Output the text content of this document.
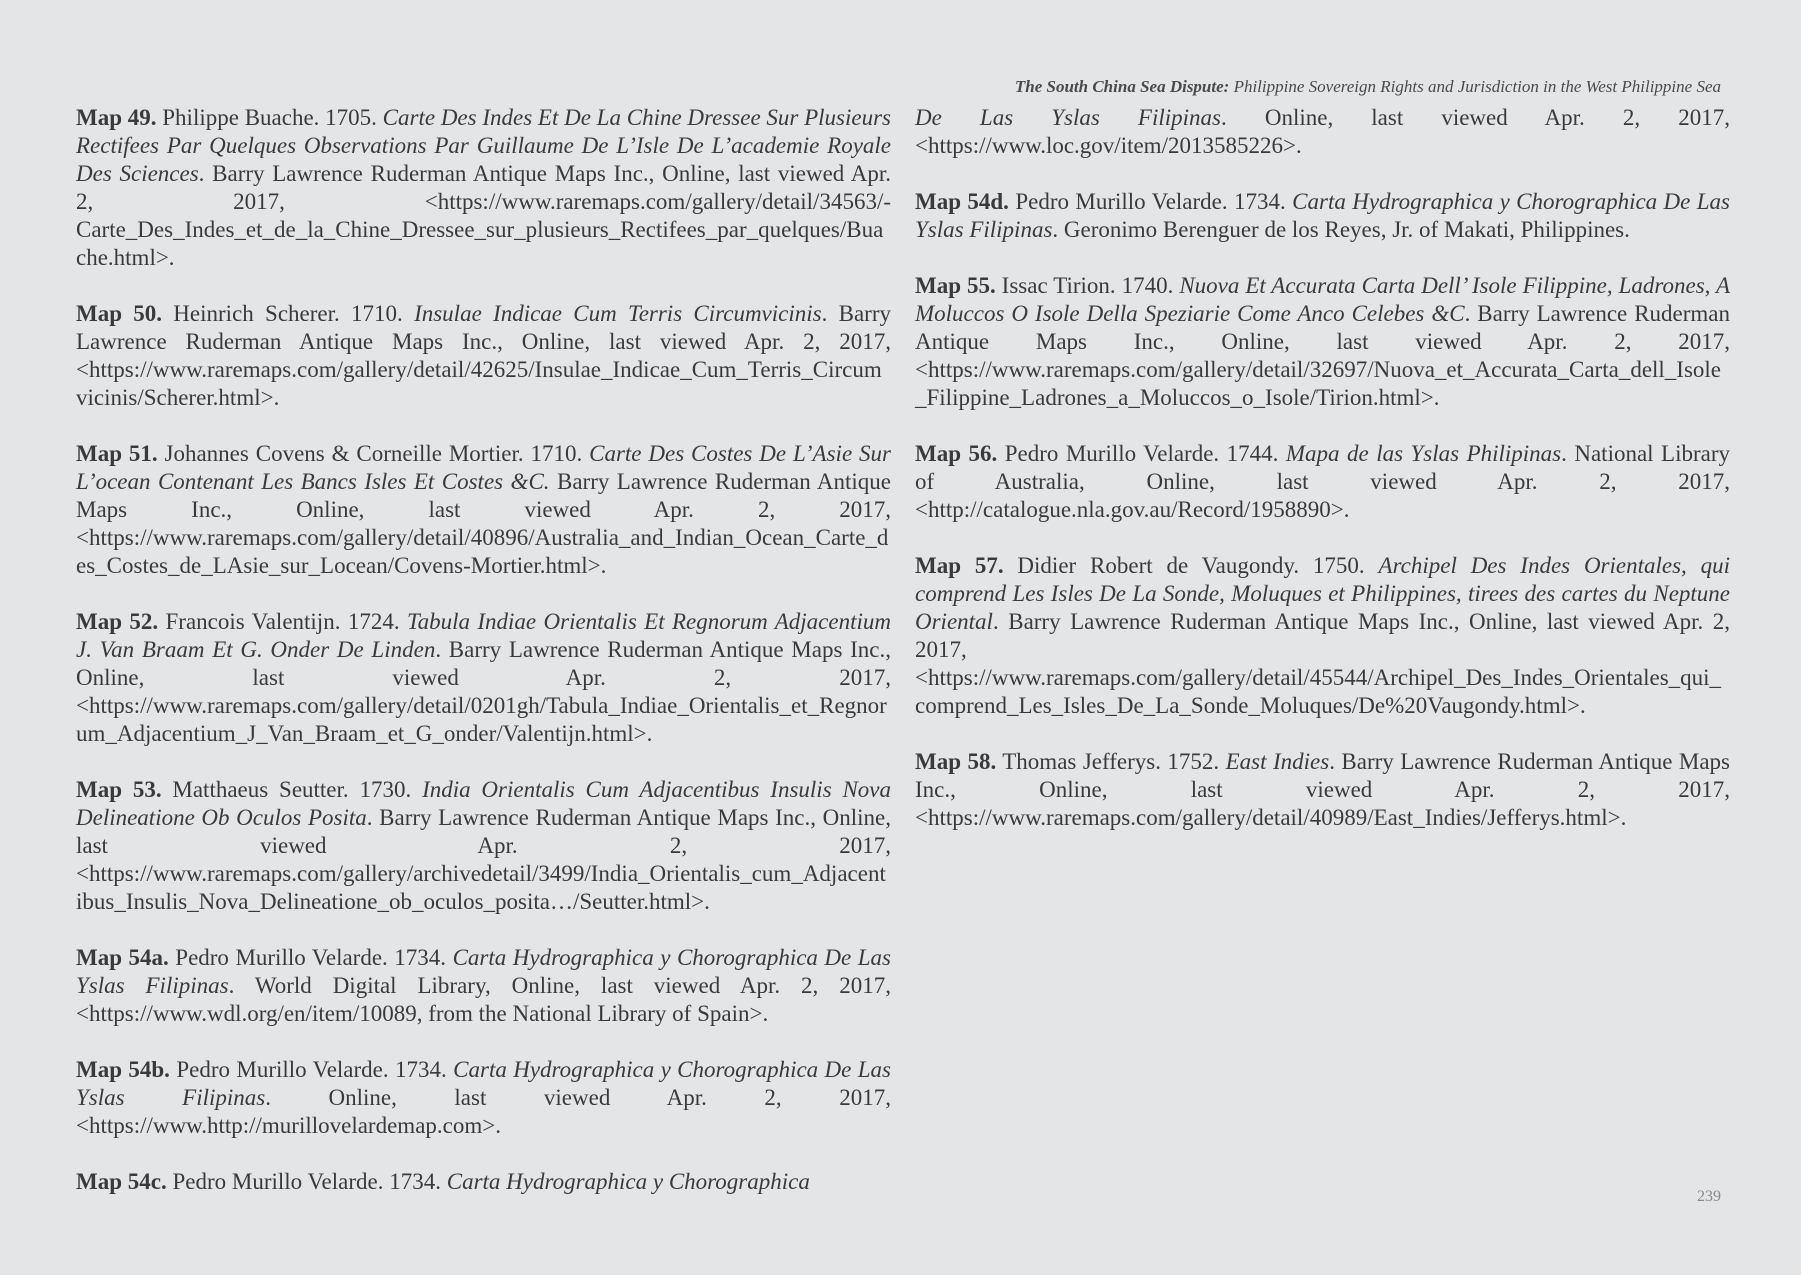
The South China Sea Dispute: Philippine Sovereign Rights and Jurisdiction in the West Philippine Sea

Map 49. Philippe Buache. 1705. Carte Des Indes Et De La Chine Dressee Sur Plusieurs Rectifees Par Quelques Observations Par Guillaume De L’Isle De L’academie Royale Des Sciences. Barry Lawrence Ruderman Antique Maps Inc., Online, last viewed Apr. 2, 2017, <https://www.raremaps.com/gallery/detail/34563/-Carte_Des_Indes_et_de_la_Chine_Dressee_sur_plusieurs_Rectifees_par_quelques/Buache.html>.

Map 50. Heinrich Scherer. 1710. Insulae Indicae Cum Terris Circumvicinis. Barry Lawrence Ruderman Antique Maps Inc., Online, last viewed Apr. 2, 2017, <https://www.raremaps.com/gallery/detail/42625/Insulae_Indicae_Cum_Terris_Circumvicinis/Scherer.html>.

Map 51. Johannes Covens & Corneille Mortier. 1710. Carte Des Costes De L’Asie Sur L’ocean Contenant Les Bancs Isles Et Costes &C. Barry Lawrence Ruderman Antique Maps Inc., Online, last viewed Apr. 2, 2017, <https://www.raremaps.com/gallery/detail/40896/Australia_and_Indian_Ocean_Carte_des_Costes_de_LAsie_sur_Locean/Covens-Mortier.html>.

Map 52. Francois Valentijn. 1724. Tabula Indiae Orientalis Et Regnorum Adjacentium J. Van Braam Et G. Onder De Linden. Barry Lawrence Ruderman Antique Maps Inc., Online, last viewed Apr. 2, 2017, <https://www.raremaps.com/gallery/detail/0201gh/Tabula_Indiae_Orientalis_et_Regnorum_Adjacentium_J_Van_Braam_et_G_onder/Valentijn.html>.

Map 53. Matthaeus Seutter. 1730. India Orientalis Cum Adjacentibus Insulis Nova Delineatione Ob Oculos Posita. Barry Lawrence Ruderman Antique Maps Inc., Online, last viewed Apr. 2, 2017, <https://www.raremaps.com/gallery/archivedetail/3499/India_Orientalis_cum_Adjacentibus_Insulis_Nova_Delineatione_ob_oculos_posita…/Seutter.html>.

Map 54a. Pedro Murillo Velarde. 1734. Carta Hydrographica y Chorographica De Las Yslas Filipinas. World Digital Library, Online, last viewed Apr. 2, 2017, <https://www.wdl.org/en/item/10089, from the National Library of Spain>.

Map 54b. Pedro Murillo Velarde. 1734. Carta Hydrographica y Chorographica De Las Yslas Filipinas. Online, last viewed Apr. 2, 2017, <https://www.http://murillovelardemap.com>.

Map 54c. Pedro Murillo Velarde. 1734. Carta Hydrographica y Chorographica

De Las Yslas Filipinas. Online, last viewed Apr. 2, 2017, <https://www.loc.gov/item/2013585226>.

Map 54d. Pedro Murillo Velarde. 1734. Carta Hydrographica y Chorographica De Las Yslas Filipinas. Geronimo Berenguer de los Reyes, Jr. of Makati, Philippines.

Map 55. Issac Tirion. 1740. Nuova Et Accurata Carta Dell’ Isole Filippine, Ladrones, A Moluccos O Isole Della Speziarie Come Anco Celebes &C. Barry Lawrence Ruderman Antique Maps Inc., Online, last viewed Apr. 2, 2017, <https://www.raremaps.com/gallery/detail/32697/Nuova_et_Accurata_Carta_dell_Isole_Filippine_Ladrones_a_Moluccos_o_Isole/Tirion.html>.

Map 56. Pedro Murillo Velarde. 1744. Mapa de las Yslas Philipinas. National Library of Australia, Online, last viewed Apr. 2, 2017, <http://catalogue.nla.gov.au/Record/1958890>.

Map 57. Didier Robert de Vaugondy. 1750. Archipel Des Indes Orientales, qui comprend Les Isles De La Sonde, Moluques et Philippines, tirees des cartes du Neptune Oriental. Barry Lawrence Ruderman Antique Maps Inc., Online, last viewed Apr. 2, 2017, <https://www.raremaps.com/gallery/detail/45544/Archipel_Des_Indes_Orientales_qui_comprend_Les_Isles_De_La_Sonde_Moluques/De%20Vaugondy.html>.

Map 58. Thomas Jefferys. 1752. East Indies. Barry Lawrence Ruderman Antique Maps Inc., Online, last viewed Apr. 2, 2017, <https://www.raremaps.com/gallery/detail/40989/East_Indies/Jefferys.html>.

239
